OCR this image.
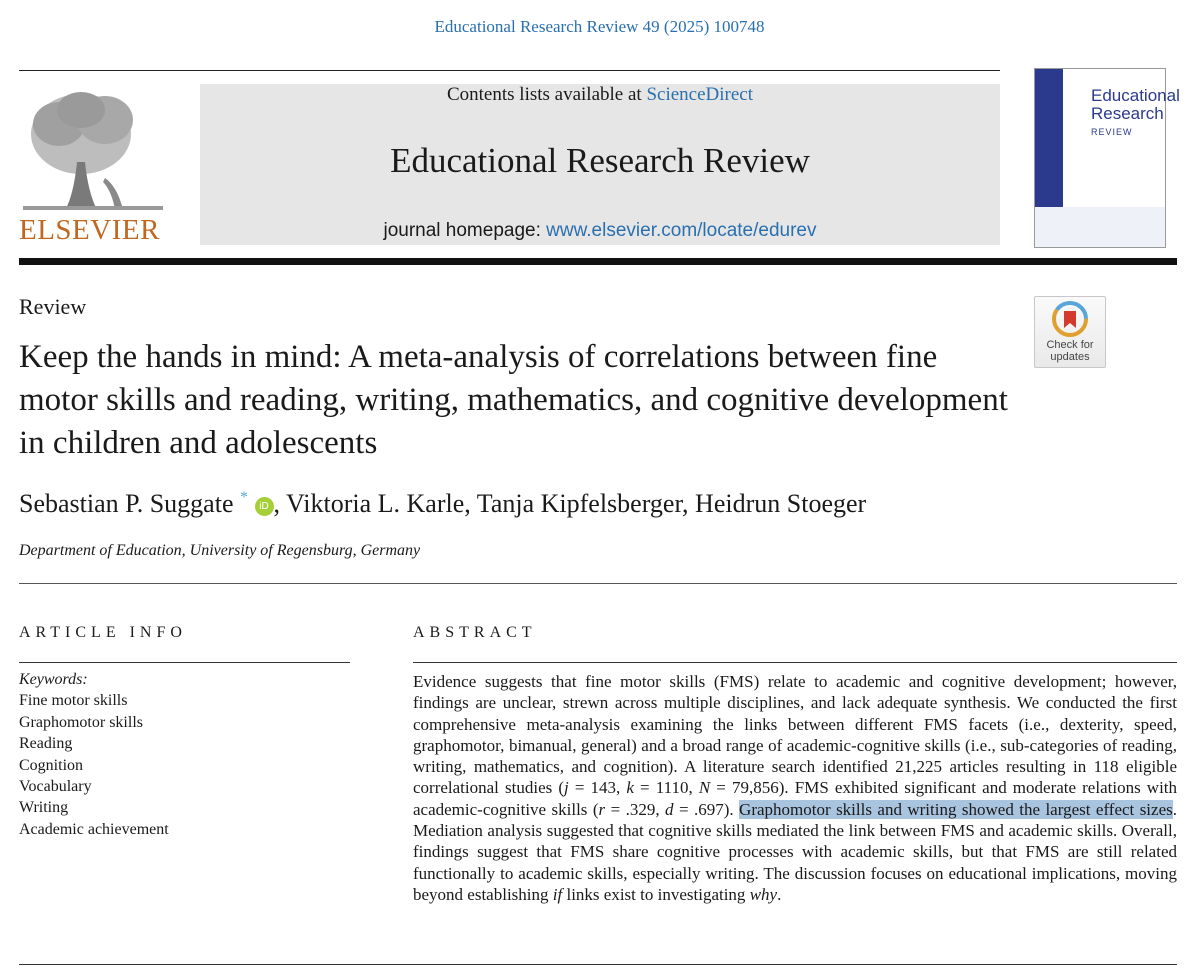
Educational Research Review 49 (2025) 100748
ELSEVIER
Contents lists available at ScienceDirect
Educational Research Review
journal homepage: www.elsevier.com/locate/edurev
Educational
Research
REVIEW
Review
Keep the hands in mind: A meta-analysis of correlations between fine motor skills and reading, writing, mathematics, and cognitive development in children and adolescents
Check for
updates
Sebastian P. Suggate * iD , Viktoria L. Karle, Tanja Kipfelsberger, Heidrun Stoeger
Department of Education, University of Regensburg, Germany
ARTICLE INFO
Keywords:
Fine motor skills
Graphomotor skills
Reading
Cognition
Vocabulary
Writing
Academic achievement
ABSTRACT
Evidence suggests that fine motor skills (FMS) relate to academic and cognitive development; however, findings are unclear, strewn across multiple disciplines, and lack adequate synthesis. We conducted the first comprehensive meta-analysis examining the links between different FMS facets (i.e., dexterity, speed, graphomotor, bimanual, general) and a broad range of academic-cognitive skills (i.e., sub-categories of reading, writing, mathematics, and cognition). A literature search identified 21,225 articles resulting in 118 eligible correlational studies (j = 143, k = 1110, N = 79,856). FMS exhibited significant and moderate relations with academic-cognitive skills (r = .329, d = .697). Graphomotor skills and writing showed the largest effect sizes. Mediation analysis suggested that cognitive skills mediated the link between FMS and academic skills. Overall, findings suggest that FMS share cognitive processes with academic skills, but that FMS are still related functionally to academic skills, especially writing. The discussion focuses on educational implications, moving beyond establishing if links exist to investigating why.
